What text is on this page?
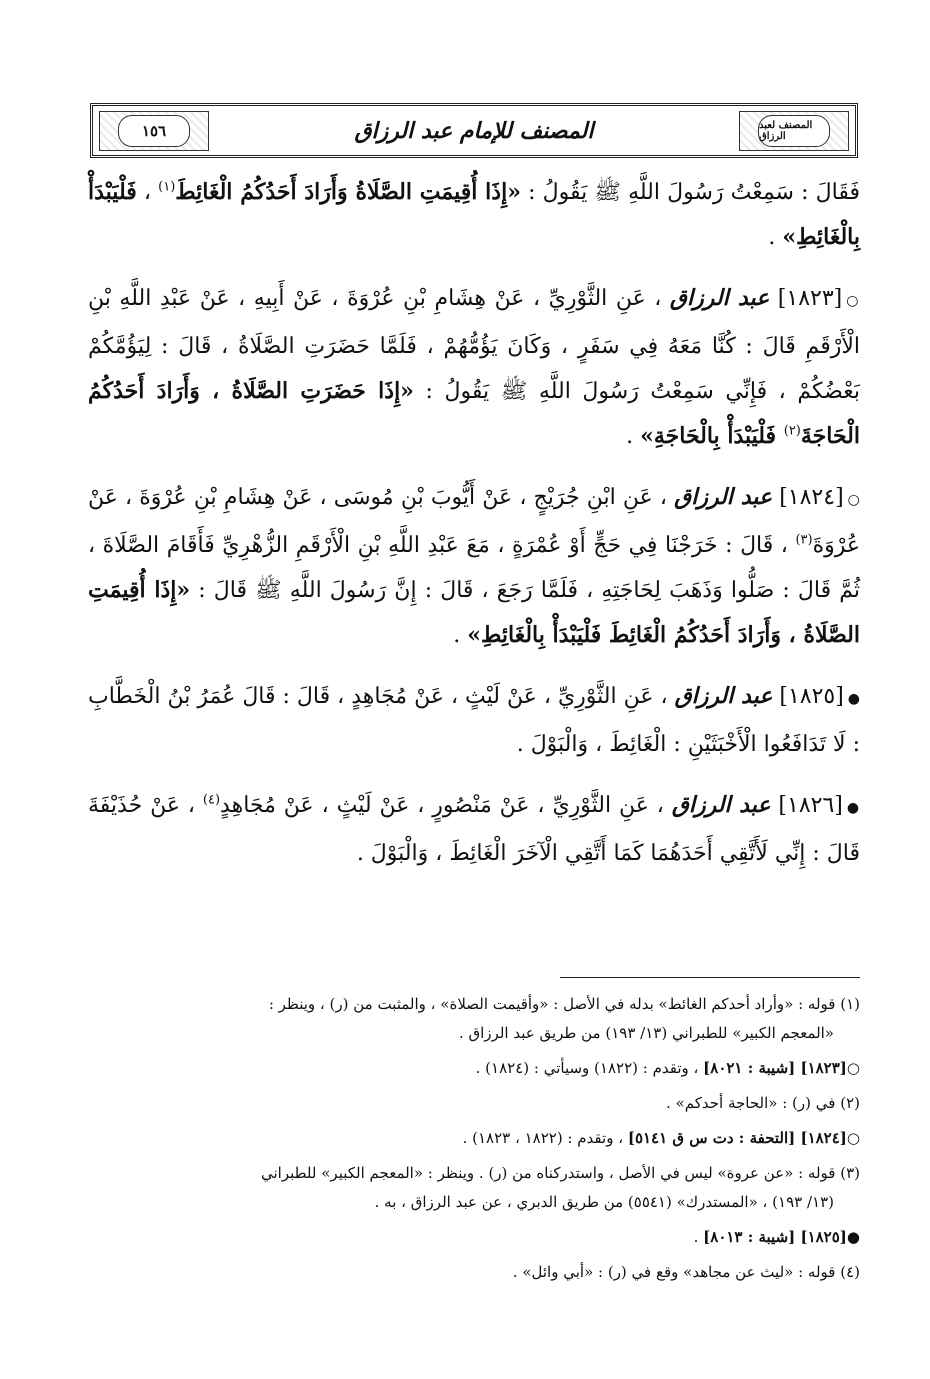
١٥٦	المصنف للإمام عبد الرزاق	المصنف لعبد الرزاق

فَقَالَ : سَمِعْتُ رَسُولَ اللَّهِ ﷺ يَقُولُ : «إِذَا أُقِيمَتِ الصَّلَاةُ وَأَرَادَ أَحَدُكُمُ الْغَائِطَ$^{(١)}$ ، فَلْيَبْدَأْ بِالْغَائِطِ» .

○[١٨٢٣] عبد الرزاق ، عَنِ الثَّوْرِيِّ ، عَنْ هِشَامِ بْنِ عُرْوَةَ ، عَنْ أَبِيهِ ، عَنْ عَبْدِ اللَّهِ بْنِ الْأَرْقَمِ قَالَ : كُنَّا مَعَهُ فِي سَفَرٍ ، وَكَانَ يَؤُمُّهُمْ ، فَلَمَّا حَضَرَتِ الصَّلَاةُ ، قَالَ : لِيَؤُمَّكُمْ بَعْضُكُمْ ، فَإِنِّي سَمِعْتُ رَسُولَ اللَّهِ ﷺ يَقُولُ : «إِذَا حَضَرَتِ الصَّلَاةُ ، وَأَرَادَ أَحَدُكُمُ الْحَاجَةَ$^{(٢)}$ فَلْيَبْدَأْ بِالْحَاجَةِ» .

○[١٨٢٤] عبد الرزاق ، عَنِ ابْنِ جُرَيْجٍ ، عَنْ أَيُّوبَ بْنِ مُوسَى ، عَنْ هِشَامِ بْنِ عُرْوَةَ ، عَنْ عُرْوَةَ$^{(٣)}$ ، قَالَ : خَرَجْنَا فِي حَجٍّ أَوْ عُمْرَةٍ ، مَعَ عَبْدِ اللَّهِ بْنِ الْأَرْقَمِ الزُّهْرِيِّ فَأَقَامَ الصَّلَاةَ ، ثُمَّ قَالَ : صَلُّوا وَذَهَبَ لِحَاجَتِهِ ، فَلَمَّا رَجَعَ ، قَالَ : إِنَّ رَسُولَ اللَّهِ ﷺ قَالَ : «إِذَا أُقِيمَتِ الصَّلَاةُ ، وَأَرَادَ أَحَدُكُمُ الْغَائِطَ فَلْيَبْدَأْ بِالْغَائِطِ» .

●[١٨٢٥] عبد الرزاق ، عَنِ الثَّوْرِيِّ ، عَنْ لَيْثٍ ، عَنْ مُجَاهِدٍ ، قَالَ : قَالَ عُمَرُ بْنُ الْخَطَّابِ : لَا تَدَافَعُوا الْأَخْبَثَيْنِ : الْغَائِطَ ، وَالْبَوْلَ .

●[١٨٢٦] عبد الرزاق ، عَنِ الثَّوْرِيِّ ، عَنْ مَنْصُورٍ ، عَنْ لَيْثٍ ، عَنْ مُجَاهِدٍ$^{(٤)}$ ، عَنْ حُذَيْفَةَ قَالَ : إِنِّي لَأَتَّقِي أَحَدَهُمَا كَمَا أَتَّقِي الْآخَرَ الْغَائِطَ ، وَالْبَوْلَ .

(١) قوله : «وأراد أحدكم الغائط» بدله في الأصل : «وأقيمت الصلاة» ، والمثبت من (ر) ، وينظر :
«المعجم الكبير» للطبراني (١٣/ ١٩٣) من طريق عبد الرزاق .
○[١٨٢٣] [شيبة : ٨٠٢١] ، وتقدم : (١٨٢٢) وسيأتي : (١٨٢٤) .
(٢) في (ر) : «الحاجة أحدكم» .
○[١٨٢٤] [التحفة : دت س ق ٥١٤١] ، وتقدم : (١٨٢٢ ، ١٨٢٣) .
(٣) قوله : «عن عروة» ليس في الأصل ، واستدركناه من (ر) . وينظر : «المعجم الكبير» للطبراني
(١٣/ ١٩٣) ، «المستدرك» (٥٥٤١) من طريق الدبري ، عن عبد الرزاق ، به .
●[١٨٢٥] [شيبة : ٨٠١٣] .
(٤) قوله : «ليث عن مجاهد» وقع في (ر) : «أبي وائل» .
